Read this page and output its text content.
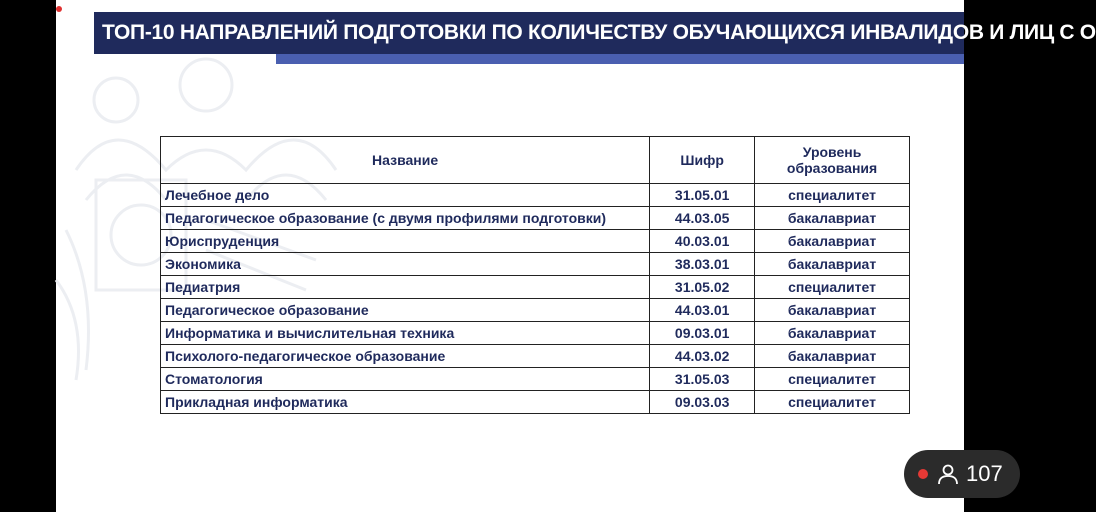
ТОП-10 НАПРАВЛЕНИЙ ПОДГОТОВКИ ПО КОЛИЧЕСТВУ ОБУЧАЮЩИХСЯ ИНВАЛИДОВ И ЛИЦ С О
Название	Шифр	Уровень
образования
Лечебное дело	31.05.01	специалитет
Педагогическое образование (с двумя профилями подготовки)	44.03.05	бакалавриат
Юриспруденция	40.03.01	бакалавриат
Экономика	38.03.01	бакалавриат
Педиатрия	31.05.02	специалитет
Педагогическое образование	44.03.01	бакалавриат
Информатика и вычислительная техника	09.03.01	бакалавриат
Психолого-педагогическое образование	44.03.02	бакалавриат
Стоматология	31.05.03	специалитет
Прикладная информатика	09.03.03	специалитет
107
